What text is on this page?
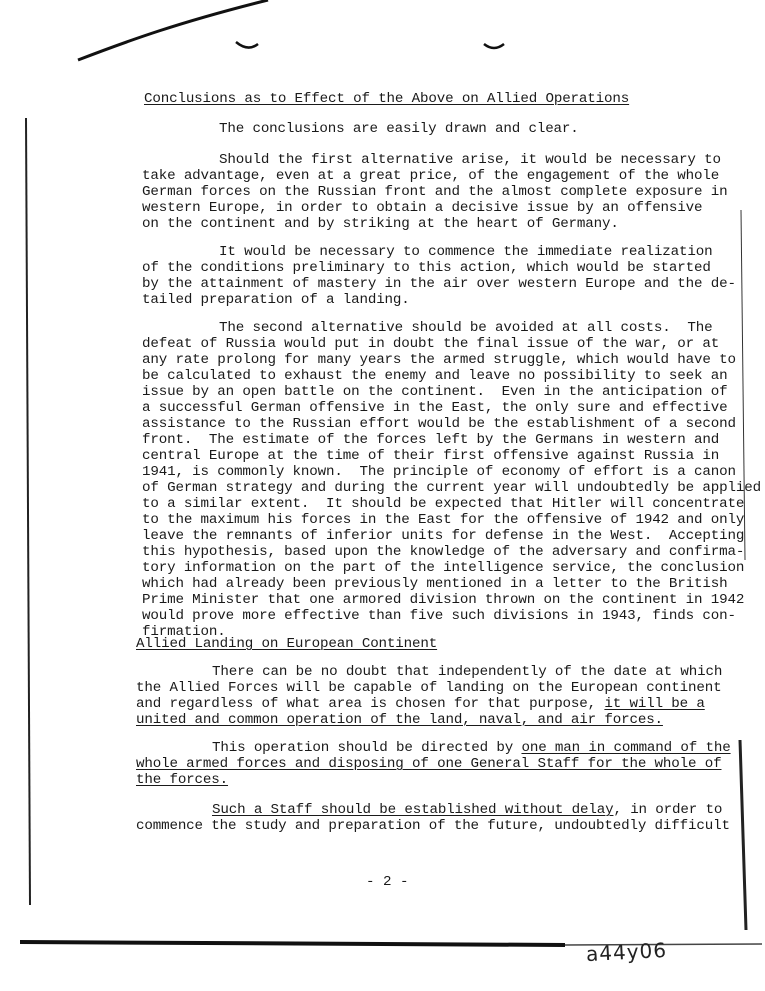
Conclusions as to Effect of the Above on Allied Operations
The conclusions are easily drawn and clear.
Should the first alternative arise, it would be necessary to
take advantage, even at a great price, of the engagement of the whole
German forces on the Russian front and the almost complete exposure in
western Europe, in order to obtain a decisive issue by an offensive
on the continent and by striking at the heart of Germany.
It would be necessary to commence the immediate realization
of the conditions preliminary to this action, which would be started
by the attainment of mastery in the air over western Europe and the de-
tailed preparation of a landing.
The second alternative should be avoided at all costs.  The
defeat of Russia would put in doubt the final issue of the war, or at
any rate prolong for many years the armed struggle, which would have to
be calculated to exhaust the enemy and leave no possibility to seek an
issue by an open battle on the continent.  Even in the anticipation of
a successful German offensive in the East, the only sure and effective
assistance to the Russian effort would be the establishment of a second
front.  The estimate of the forces left by the Germans in western and
central Europe at the time of their first offensive against Russia in
1941, is commonly known.  The principle of economy of effort is a canon
of German strategy and during the current year will undoubtedly be applied
to a similar extent.  It should be expected that Hitler will concentrate
to the maximum his forces in the East for the offensive of 1942 and only
leave the remnants of inferior units for defense in the West.  Accepting
this hypothesis, based upon the knowledge of the adversary and confirma-
tory information on the part of the intelligence service, the conclusion
which had already been previously mentioned in a letter to the British
Prime Minister that one armored division thrown on the continent in 1942
would prove more effective than five such divisions in 1943, finds con-
firmation.
Allied Landing on European Continent
There can be no doubt that independently of the date at which
the Allied Forces will be capable of landing on the European continent
and regardless of what area is chosen for that purpose, it will be a
united and common operation of the land, naval, and air forces.
This operation should be directed by one man in command of the
whole armed forces and disposing of one General Staff for the whole of
the forces.
Such a Staff should be established without delay, in order to
commence the study and preparation of the future, undoubtedly difficult
- 2 -
a44y06
